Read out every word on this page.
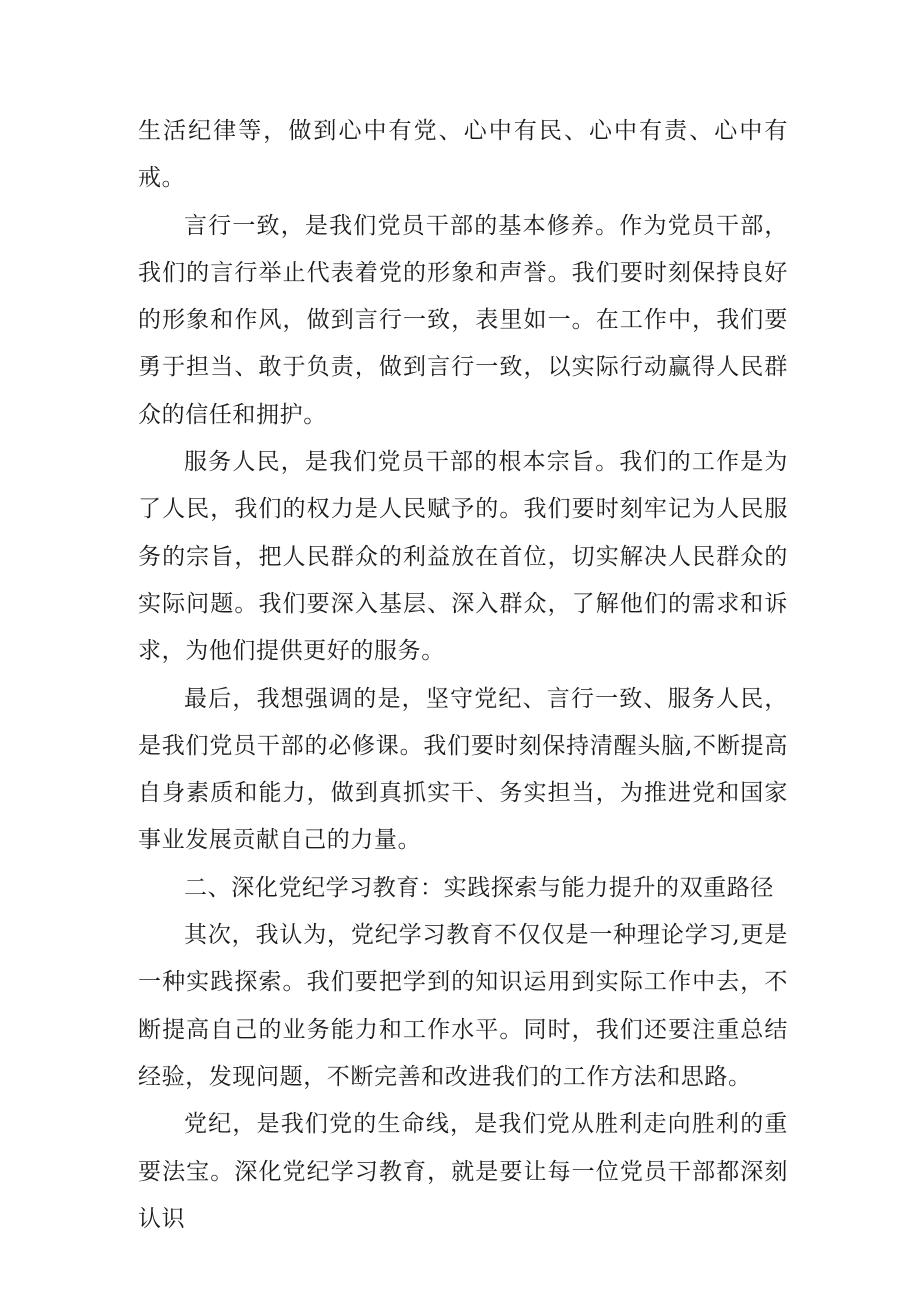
生活纪律等，做到心中有党、心中有民、心中有责、心中有戒。

言行一致，是我们党员干部的基本修养。作为党员干部，我们的言行举止代表着党的形象和声誉。我们要时刻保持良好的形象和作风，做到言行一致，表里如一。在工作中，我们要勇于担当、敢于负责，做到言行一致，以实际行动赢得人民群众的信任和拥护。

服务人民，是我们党员干部的根本宗旨。我们的工作是为了人民，我们的权力是人民赋予的。我们要时刻牢记为人民服务的宗旨，把人民群众的利益放在首位，切实解决人民群众的实际问题。我们要深入基层、深入群众，了解他们的需求和诉求，为他们提供更好的服务。

最后，我想强调的是，坚守党纪、言行一致、服务人民，是我们党员干部的必修课。我们要时刻保持清醒头脑,不断提高自身素质和能力，做到真抓实干、务实担当，为推进党和国家事业发展贡献自己的力量。

二、深化党纪学习教育：实践探索与能力提升的双重路径

其次，我认为，党纪学习教育不仅仅是一种理论学习,更是一种实践探索。我们要把学到的知识运用到实际工作中去，不断提高自己的业务能力和工作水平。同时，我们还要注重总结经验，发现问题，不断完善和改进我们的工作方法和思路。

党纪，是我们党的生命线，是我们党从胜利走向胜利的重要法宝。深化党纪学习教育，就是要让每一位党员干部都深刻认识
